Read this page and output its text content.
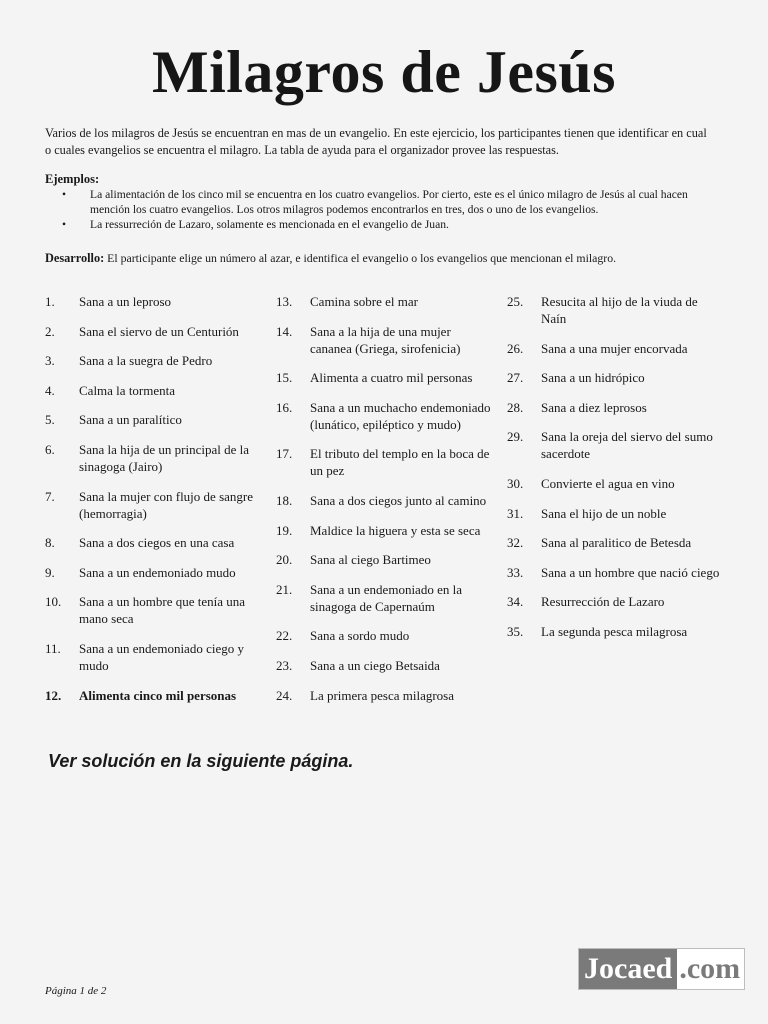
Milagros de Jesús
Varios de los milagros de Jesús se encuentran en mas de un evangelio. En este ejercicio, los participantes tienen que identificar en cual o cuales evangelios se encuentra el milagro. La tabla de ayuda para el organizador provee las respuestas.
Ejemplos:
• La alimentación de los cinco mil se encuentra en los cuatro evangelios. Por cierto, este es el único milagro de Jesús al cual hacen mención los cuatro evangelios. Los otros milagros podemos encontrarlos en tres, dos o uno de los evangelios.
• La ressurreción de Lazaro, solamente es mencionada en el evangelio de Juan.
Desarrollo: El participante elige un número al azar, e identifica el evangelio o los evangelios que mencionan el milagro.
1.	Sana a un leproso
2.	Sana el siervo de un Centurión
3.	Sana a la suegra de Pedro
4.	Calma la tormenta
5.	Sana a un paralítico
6.	Sana la hija de un principal de la sinagoga (Jairo)
7.	Sana la mujer con flujo de sangre (hemorragia)
8.	Sana a dos ciegos en una casa
9.	Sana a un endemoniado mudo
10.	Sana a un hombre que tenía una mano seca
11.	Sana a un endemoniado ciego y mudo
12.	Alimenta cinco mil personas
13.	Camina sobre el mar
14.	Sana a la hija de una mujer cananea (Griega, sirofenicia)
15.	Alimenta a cuatro mil personas
16.	Sana a un muchacho endemoniado (lunático, epiléptico y mudo)
17.	El tributo del templo en la boca de un pez
18.	Sana a dos ciegos junto al camino
19.	Maldice la higuera y esta se seca
20.	Sana al ciego Bartimeo
21.	Sana a un endemoniado en la sinagoga de Capernaúm
22.	Sana a sordo mudo
23.	Sana a un ciego Betsaida
24.	La primera pesca milagrosa
25.	Resucita al hijo de la viuda de Naín
26.	Sana a una mujer encorvada
27.	Sana a un hidrópico
28.	Sana a diez leprosos
29.	Sana la oreja del siervo del sumo sacerdote
30.	Convierte el agua en vino
31.	Sana el hijo de un noble
32.	Sana al paralitico de Betesda
33.	Sana a un hombre que nació ciego
34.	Resurrección de Lazaro
35.	La segunda pesca milagrosa
Ver solución en la siguiente página.
Página 1 de 2
Jocaed .com
